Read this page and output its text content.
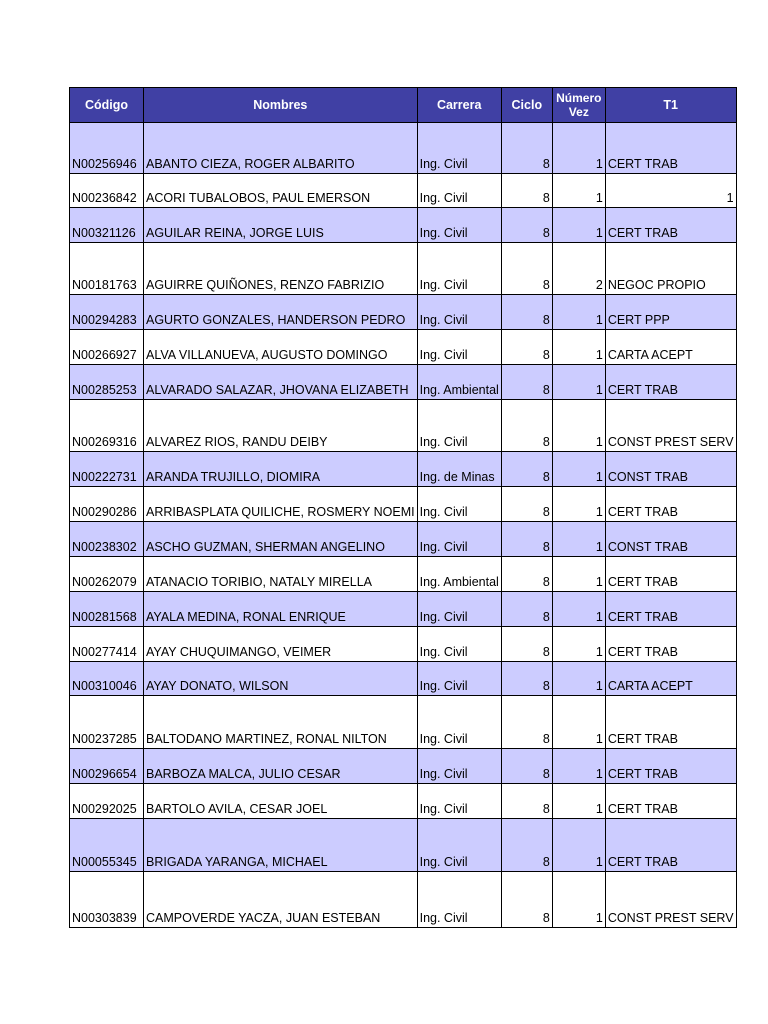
Código	Nombres	Carrera	Ciclo	Número Vez	T1
N00256946	ABANTO CIEZA, ROGER ALBARITO	Ing. Civil	8	1	CERT TRAB
N00236842	ACORI TUBALOBOS, PAUL EMERSON	Ing. Civil	8	1	1
N00321126	AGUILAR REINA, JORGE LUIS	Ing. Civil	8	1	CERT TRAB
N00181763	AGUIRRE QUIÑONES, RENZO FABRIZIO	Ing. Civil	8	2	NEGOC PROPIO
N00294283	AGURTO GONZALES, HANDERSON PEDRO	Ing. Civil	8	1	CERT PPP
N00266927	ALVA VILLANUEVA, AUGUSTO DOMINGO	Ing. Civil	8	1	CARTA ACEPT
N00285253	ALVARADO SALAZAR, JHOVANA ELIZABETH	Ing. Ambiental	8	1	CERT TRAB
N00269316	ALVAREZ RIOS, RANDU DEIBY	Ing. Civil	8	1	CONST PREST SERV
N00222731	ARANDA TRUJILLO, DIOMIRA	Ing. de Minas	8	1	CONST TRAB
N00290286	ARRIBASPLATA QUILICHE, ROSMERY NOEMI	Ing. Civil	8	1	CERT TRAB
N00238302	ASCHO GUZMAN, SHERMAN ANGELINO	Ing. Civil	8	1	CONST TRAB
N00262079	ATANACIO TORIBIO, NATALY MIRELLA	Ing. Ambiental	8	1	CERT TRAB
N00281568	AYALA MEDINA, RONAL ENRIQUE	Ing. Civil	8	1	CERT TRAB
N00277414	AYAY CHUQUIMANGO, VEIMER	Ing. Civil	8	1	CERT TRAB
N00310046	AYAY DONATO, WILSON	Ing. Civil	8	1	CARTA ACEPT
N00237285	BALTODANO MARTINEZ, RONAL NILTON	Ing. Civil	8	1	CERT TRAB
N00296654	BARBOZA MALCA, JULIO CESAR	Ing. Civil	8	1	CERT TRAB
N00292025	BARTOLO AVILA, CESAR JOEL	Ing. Civil	8	1	CERT TRAB
N00055345	BRIGADA YARANGA, MICHAEL	Ing. Civil	8	1	CERT TRAB
N00303839	CAMPOVERDE YACZA, JUAN ESTEBAN	Ing. Civil	8	1	CONST PREST SERV
